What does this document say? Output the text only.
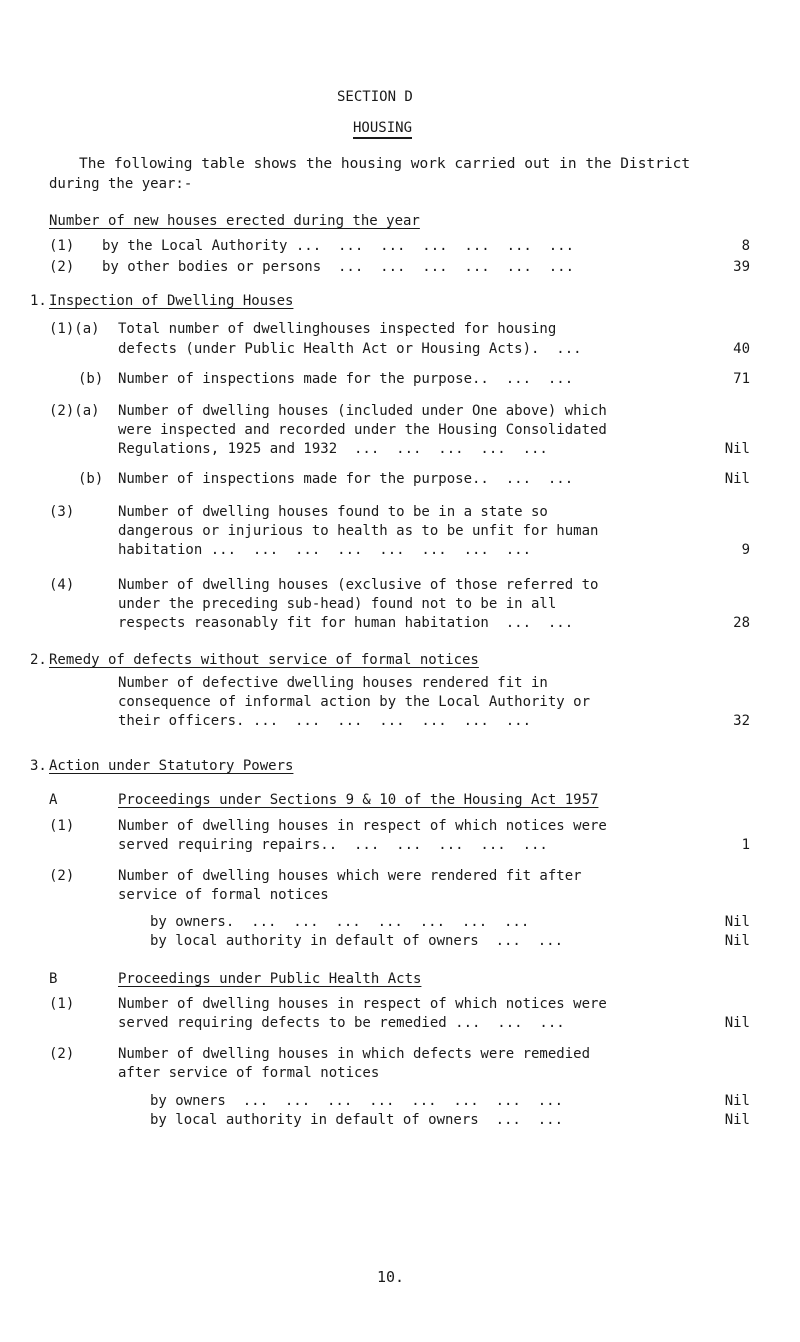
SECTION D
HOUSING
The following table shows the housing work carried out in the District
during the year:-
Number of new houses erected during the year
(1) by the Local Authority ...  ...  ...  ...  ...  ...  ...	8
(2) by other bodies or persons  ...  ...  ...  ...  ...  ...	39
1. Inspection of Dwelling Houses
(1)(a) Total number of dwellinghouses inspected for housing
defects (under Public Health Act or Housing Acts).  ...	40
(b) Number of inspections made for the purpose..  ...  ...	71
(2)(a) Number of dwelling houses (included under One above) which
were inspected and recorded under the Housing Consolidated
Regulations, 1925 and 1932  ...  ...  ...  ...  ...	Nil
(b) Number of inspections made for the purpose..  ...  ...	Nil
(3)	Number of dwelling houses found to be in a state so
dangerous or injurious to health as to be unfit for human
habitation ...  ...  ...  ...  ...  ...  ...  ...	9
(4)	Number of dwelling houses (exclusive of those referred to
under the preceding sub-head) found not to be in all
respects reasonably fit for human habitation  ...  ...	28
2. Remedy of defects without service of formal notices
Number of defective dwelling houses rendered fit in
consequence of informal action by the Local Authority or
their officers. ...  ...  ...  ...  ...  ...  ...	32
3. Action under Statutory Powers
A	Proceedings under Sections 9 & 10 of the Housing Act 1957
(1)	Number of dwelling houses in respect of which notices were
served requiring repairs..  ...  ...  ...  ...  ...	1
(2)	Number of dwelling houses which were rendered fit after
service of formal notices
by owners.  ...  ...  ...  ...  ...  ...  ...	Nil
by local authority in default of owners  ...  ...	Nil
B	Proceedings under Public Health Acts
(1)	Number of dwelling houses in respect of which notices were
served requiring defects to be remedied ...  ...  ...	Nil
(2)	Number of dwelling houses in which defects were remedied
after service of formal notices
by owners  ...  ...  ...  ...  ...  ...  ...  ...	Nil
by local authority in default of owners  ...  ...	Nil
10.
